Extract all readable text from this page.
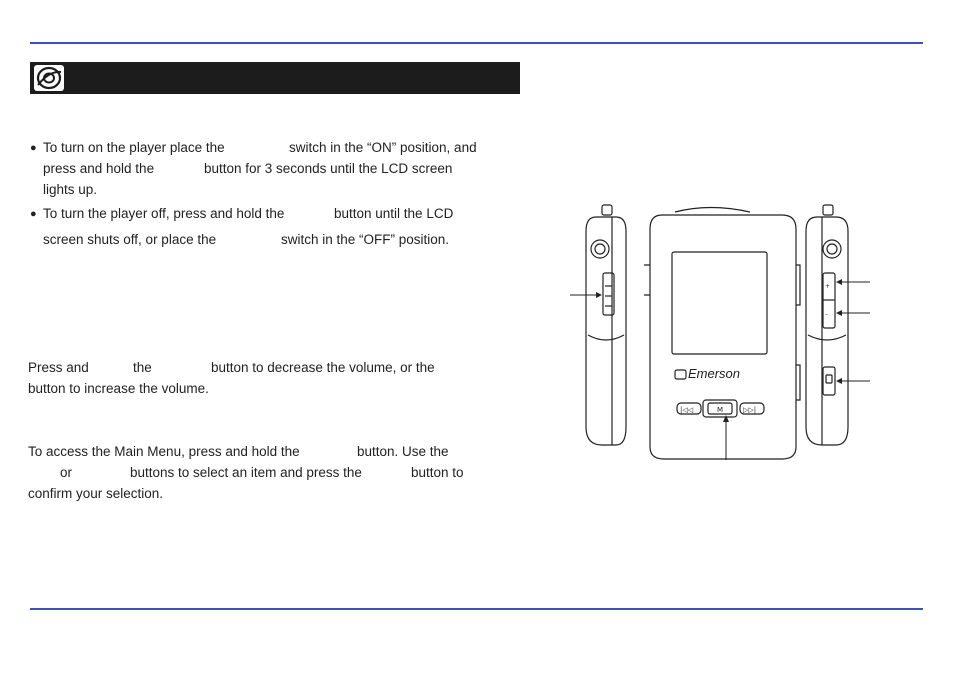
● To turn on the player place the	switch in the “ON” position, and
press and hold the	button for 3 seconds until the LCD screen
lights up.
● To turn the player off, press and hold the	button until the LCD
screen shuts off, or place the	switch in the “OFF” position.
Press and	the	button to decrease the volume, or the
button to increase the volume.
To access the Main Menu, press and hold the	button. Use the
or	buttons to select an item and press the	button to
confirm your selection.
Emerson
|◁◁	M	▷▷|
+
–
